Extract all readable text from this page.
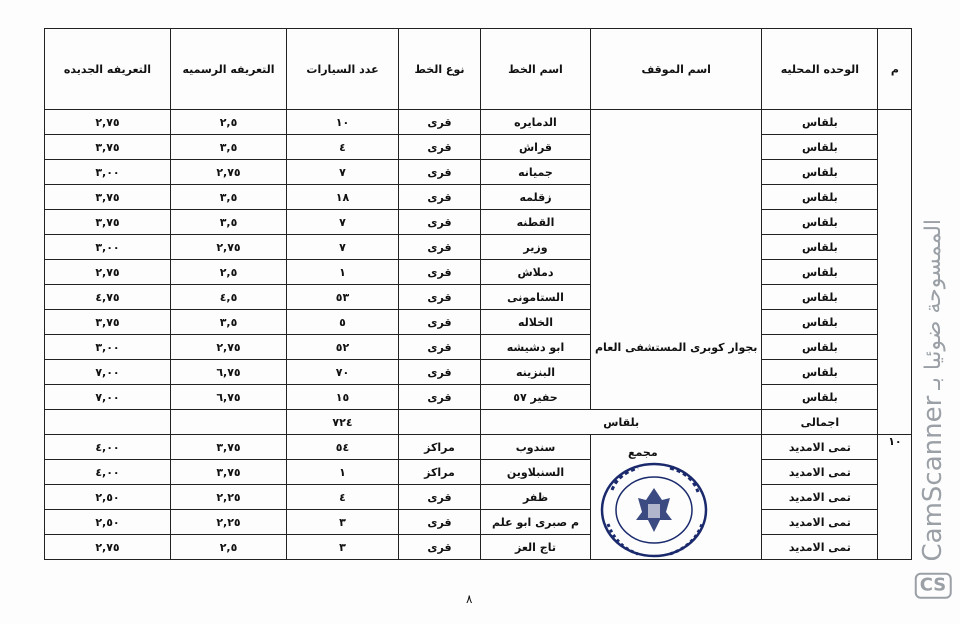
م	الوحده المحليه	اسم الموقف	اسم الخط	نوع الخط	عدد السيارات	التعريفه الرسميه	التعريفه الجديده
	بلقاس	بجوار كوبرى المستشفى العام	الدمايره	قرى	١٠	٢,٥	٢,٧٥
	بلقاس		قراش	قرى	٤	٣,٥	٣,٧٥
	بلقاس		جميانه	قرى	٧	٢,٧٥	٣,٠٠
	بلقاس		زقلمه	قرى	١٨	٣,٥	٣,٧٥
	بلقاس		القطنه	قرى	٧	٣,٥	٣,٧٥
	بلقاس		وزير	قرى	٧	٢,٧٥	٣,٠٠
	بلقاس		دملاش	قرى	١	٢,٥	٢,٧٥
	بلقاس		الستامونى	قرى	٥٣	٤,٥	٤,٧٥
	بلقاس		الخلاله	قرى	٥	٣,٥	٣,٧٥
	بلقاس		ابو دشيشه	قرى	٥٢	٢,٧٥	٣,٠٠
	بلقاس		البنزينه	قرى	٧٠	٦,٧٥	٧,٠٠
	بلقاس		حفير ٥٧	قرى	١٥	٦,٧٥	٧,٠٠
	اجمالى	بلقاس			٧٢٤		
١٠	تمى الامديد		سندوب	مراكز	٥٤	٣,٧٥	٤,٠٠
	تمى الامديد		السنبلاوين	مراكز	١	٣,٧٥	٤,٠٠
	تمى الامديد		ظفر	قرى	٤	٢,٢٥	٢,٥٠
	تمى الامديد		م صبرى ابو علم	قرى	٣	٢,٢٥	٢,٥٠
	تمى الامديد		تاج العز	قرى	٣	٢,٥	٢,٧٥
مجمع
٨
CS
CamScanner
الممسوحة ضوئيا بـ
